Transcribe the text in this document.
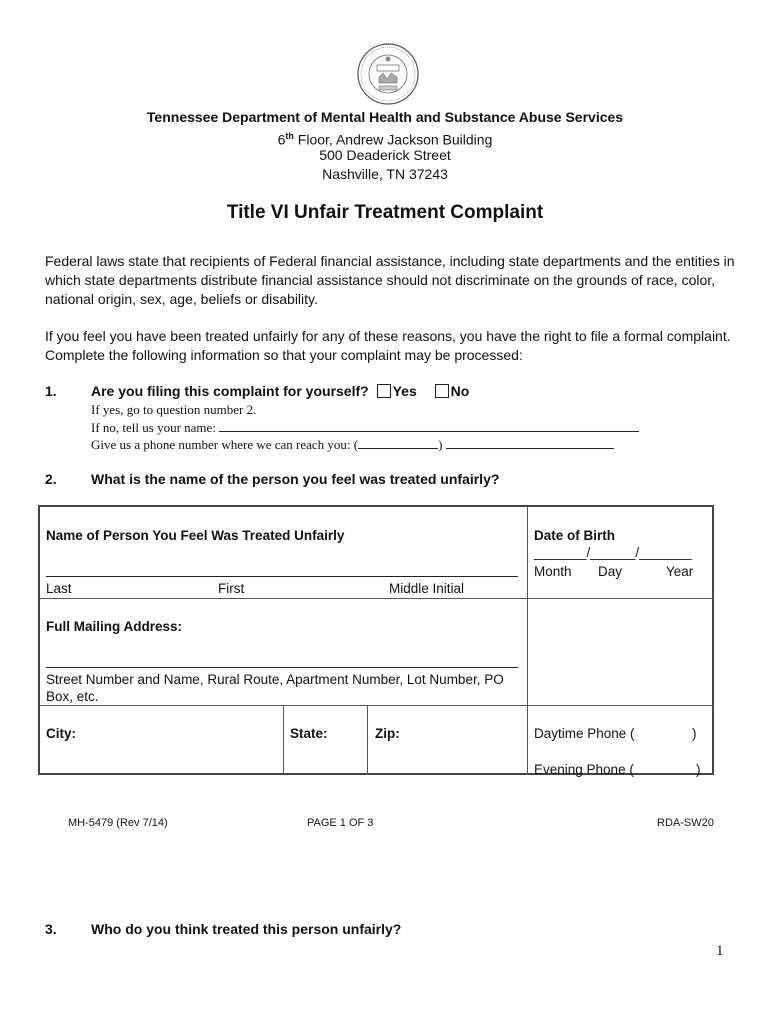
Tennessee Department of Mental Health and Substance Abuse Services
6th Floor, Andrew Jackson Building
500 Deaderick Street
Nashville, TN 37243
Title VI Unfair Treatment Complaint
Federal laws state that recipients of Federal financial assistance, including state departments and the entities in which state departments distribute financial assistance should not discriminate on the grounds of race, color, national origin, sex, age, beliefs or disability.
If you feel you have been treated unfairly for any of these reasons, you have the right to file a formal complaint. Complete the following information so that your complaint may be processed:
1. Are you filing this complaint for yourself? Yes No
If yes, go to question number 2.
If no, tell us your name:
Give us a phone number where we can reach you: (	)
2. What is the name of the person you feel was treated unfairly?
Name of Person You Feel Was Treated Unfairly
Last	First	Middle Initial
Date of Birth
_______/______/_______
Month Day	Year
Full Mailing Address:
Street Number and Name, Rural Route, Apartment Number, Lot Number, PO Box, etc.
City:	State:	Zip:	Daytime Phone (	)
Evening Phone (	)
MH-5479 (Rev 7/14)	PAGE 1 OF 3	RDA-SW20
3. Who do you think treated this person unfairly?
1
